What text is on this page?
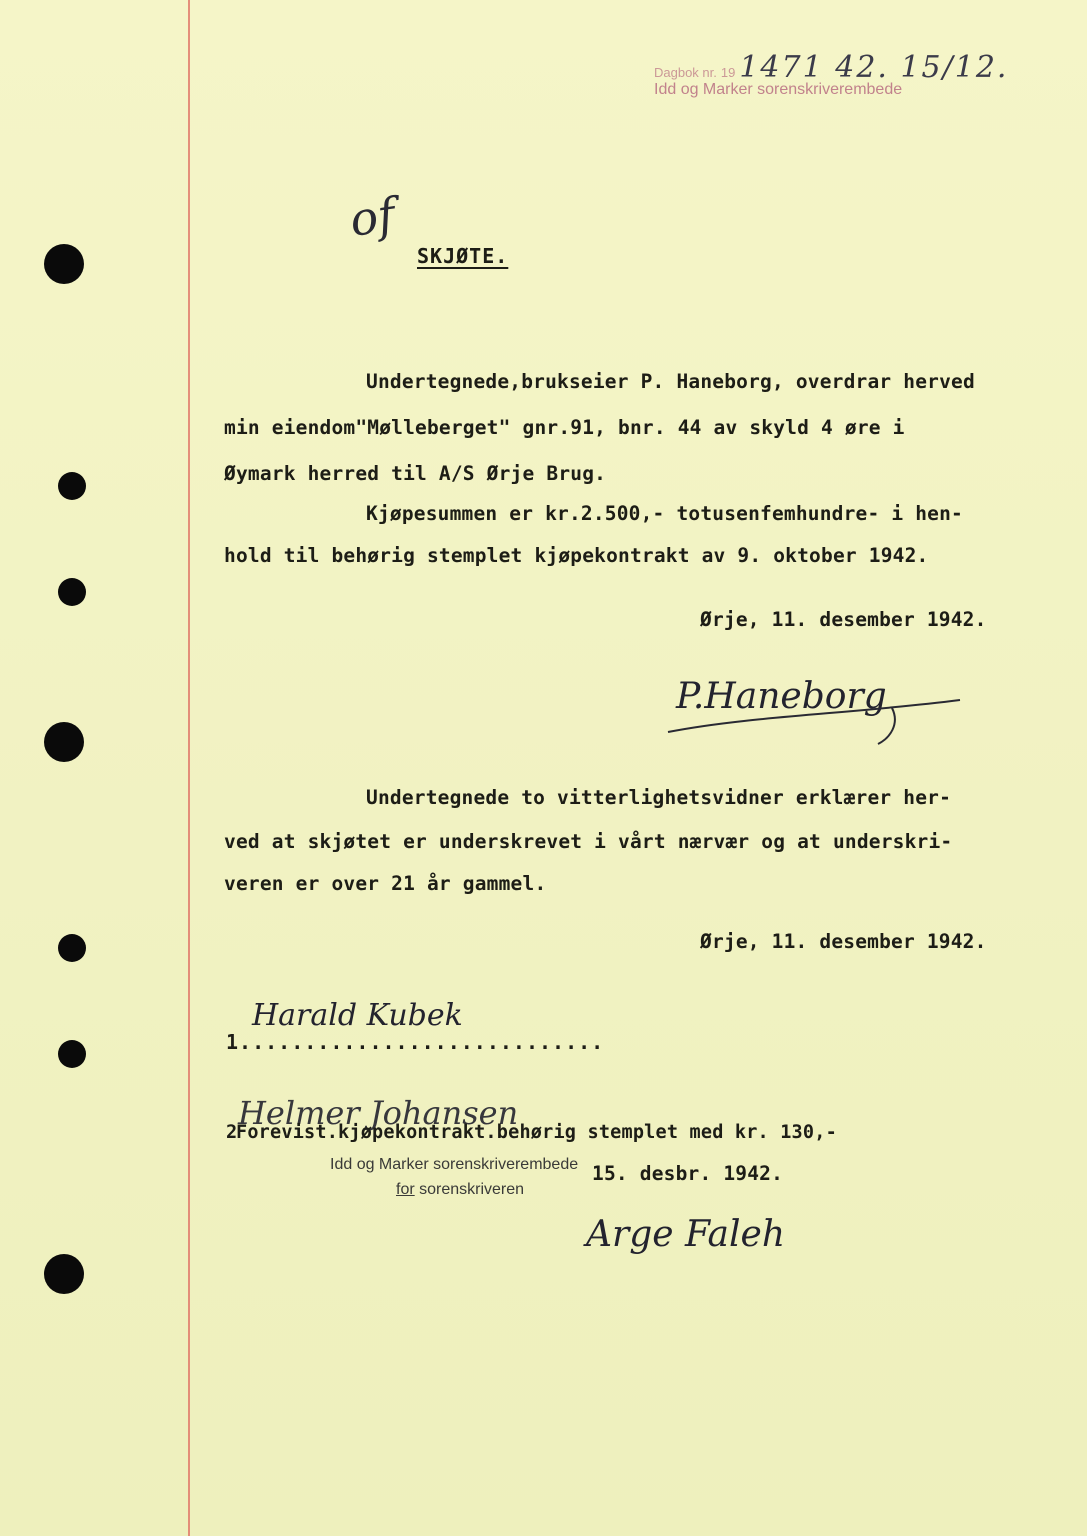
Dagbok nr. 19 1471 42. 15/12.
Idd og Marker sorenskriverembede
of
SKJØTE.
Undertegnede,brukseier P. Haneborg, overdrar herved
min eiendom"Mølleberget" gnr.91, bnr. 44 av skyld 4 øre i
Øymark herred til A/S Ørje Brug.
Kjøpesummen er kr.2.500,- totusenfemhundre- i hen-
hold til behørig stemplet kjøpekontrakt av 9. oktober 1942.
Ørje, 11. desember 1942.
P.Haneborg
Undertegnede to vitterlighetsvidner erklærer her-
ved at skjøtet er underskrevet i vårt nærvær og at underskri-
veren er over 21 år gammel.
Ørje, 11. desember 1942.
Harald Kubek
1............................
Helmer Johansen
2
Forevist.kjøpekontrakt.behørig stemplet med kr. 130,-
Idd og Marker sorenskriverembede
for sorenskriveren
15. desbr. 1942.
Arge Faleh
